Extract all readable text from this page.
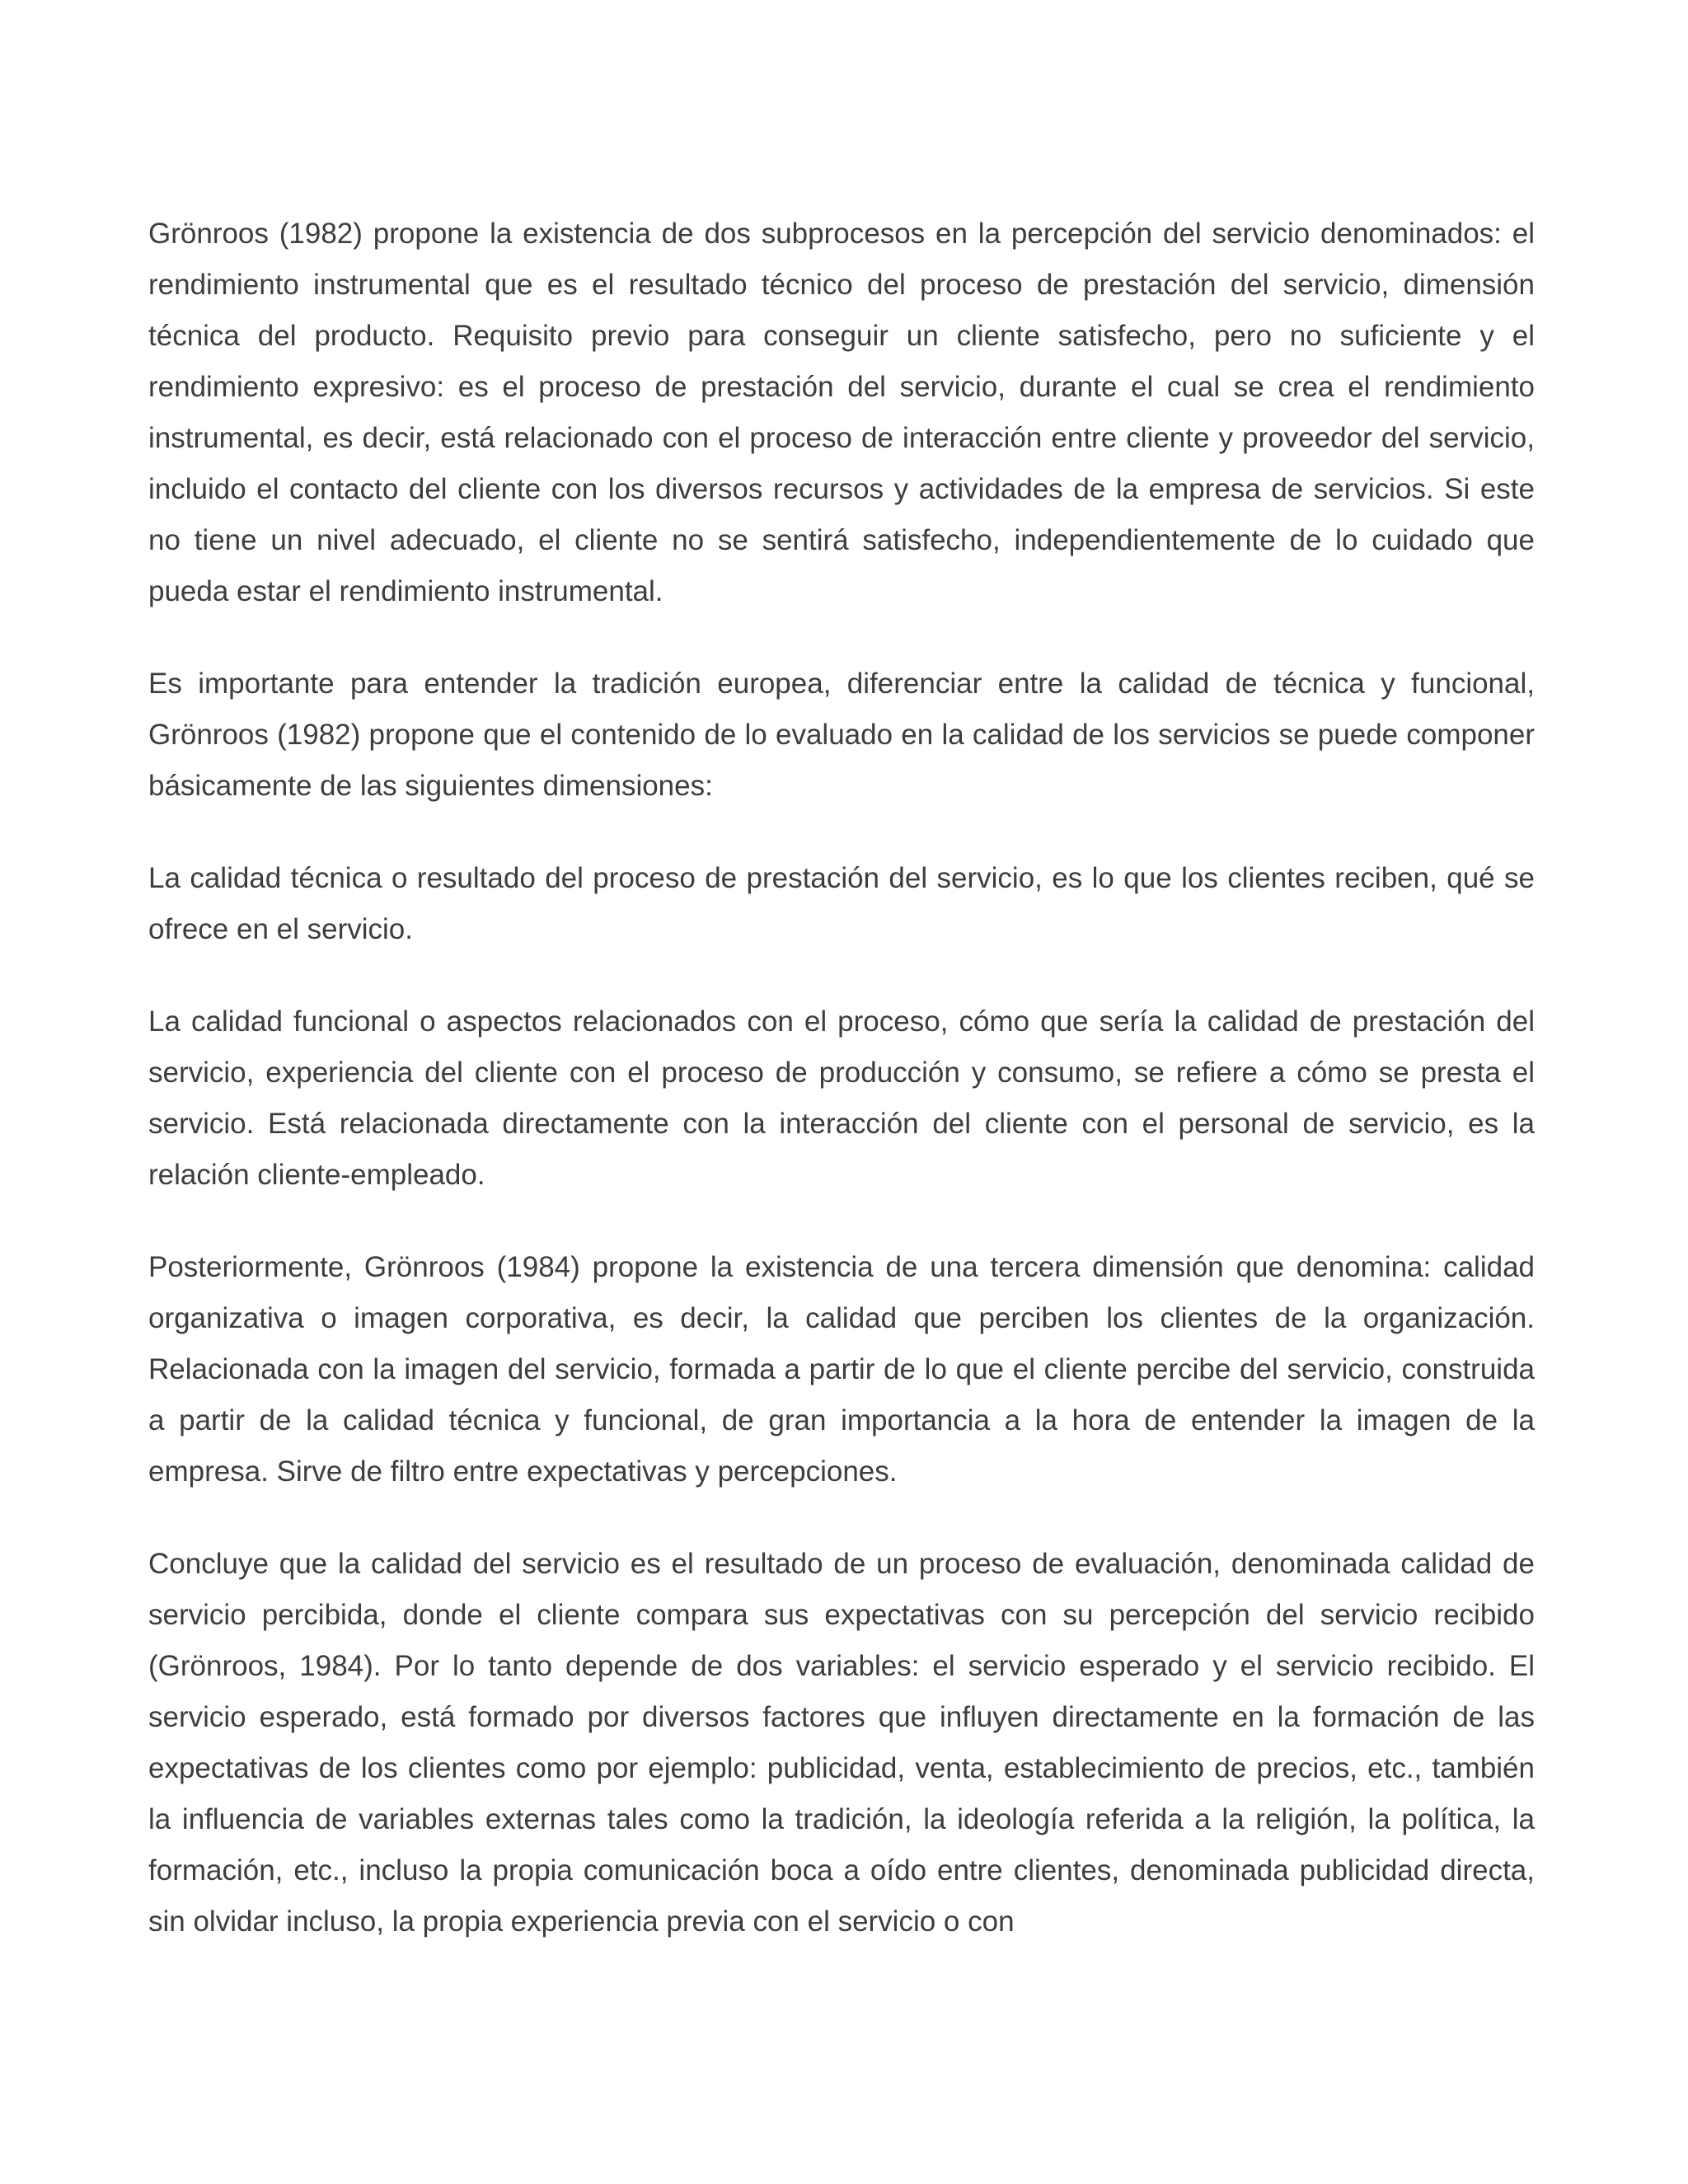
Grönroos (1982) propone la existencia de dos subprocesos en la percepción del servicio denominados: el rendimiento instrumental que es el resultado técnico del proceso de prestación del servicio, dimensión técnica del producto. Requisito previo para conseguir un cliente satisfecho, pero no suficiente y el rendimiento expresivo: es el proceso de prestación del servicio, durante el cual se crea el rendimiento instrumental, es decir, está relacionado con el proceso de interacción entre cliente y proveedor del servicio, incluido el contacto del cliente con los diversos recursos y actividades de la empresa de servicios. Si este no tiene un nivel adecuado, el cliente no se sentirá satisfecho, independientemente de lo cuidado que pueda estar el rendimiento instrumental.

Es importante para entender la tradición europea, diferenciar entre la calidad de técnica y funcional, Grönroos (1982) propone que el contenido de lo evaluado en la calidad de los servicios se puede componer básicamente de las siguientes dimensiones:

La calidad técnica o resultado del proceso de prestación del servicio, es lo que los clientes reciben, qué se ofrece en el servicio.

La calidad funcional o aspectos relacionados con el proceso, cómo que sería la calidad de prestación del servicio, experiencia del cliente con el proceso de producción y consumo, se refiere a cómo se presta el servicio. Está relacionada directamente con la interacción del cliente con el personal de servicio, es la relación cliente-empleado.

Posteriormente, Grönroos (1984) propone la existencia de una tercera dimensión que denomina: calidad organizativa o imagen corporativa, es decir, la calidad que perciben los clientes de la organización. Relacionada con la imagen del servicio, formada a partir de lo que el cliente percibe del servicio, construida a partir de la calidad técnica y funcional, de gran importancia a la hora de entender la imagen de la empresa. Sirve de filtro entre expectativas y percepciones.

Concluye que la calidad del servicio es el resultado de un proceso de evaluación, denominada calidad de servicio percibida, donde el cliente compara sus expectativas con su percepción del servicio recibido (Grönroos, 1984). Por lo tanto depende de dos variables: el servicio esperado y el servicio recibido. El servicio esperado, está formado por diversos factores que influyen directamente en la formación de las expectativas de los clientes como por ejemplo: publicidad, venta, establecimiento de precios, etc., también la influencia de variables externas tales como la tradición, la ideología referida a la religión, la política, la formación, etc., incluso la propia comunicación boca a oído entre clientes, denominada publicidad directa, sin olvidar incluso, la propia experiencia previa con el servicio o con
